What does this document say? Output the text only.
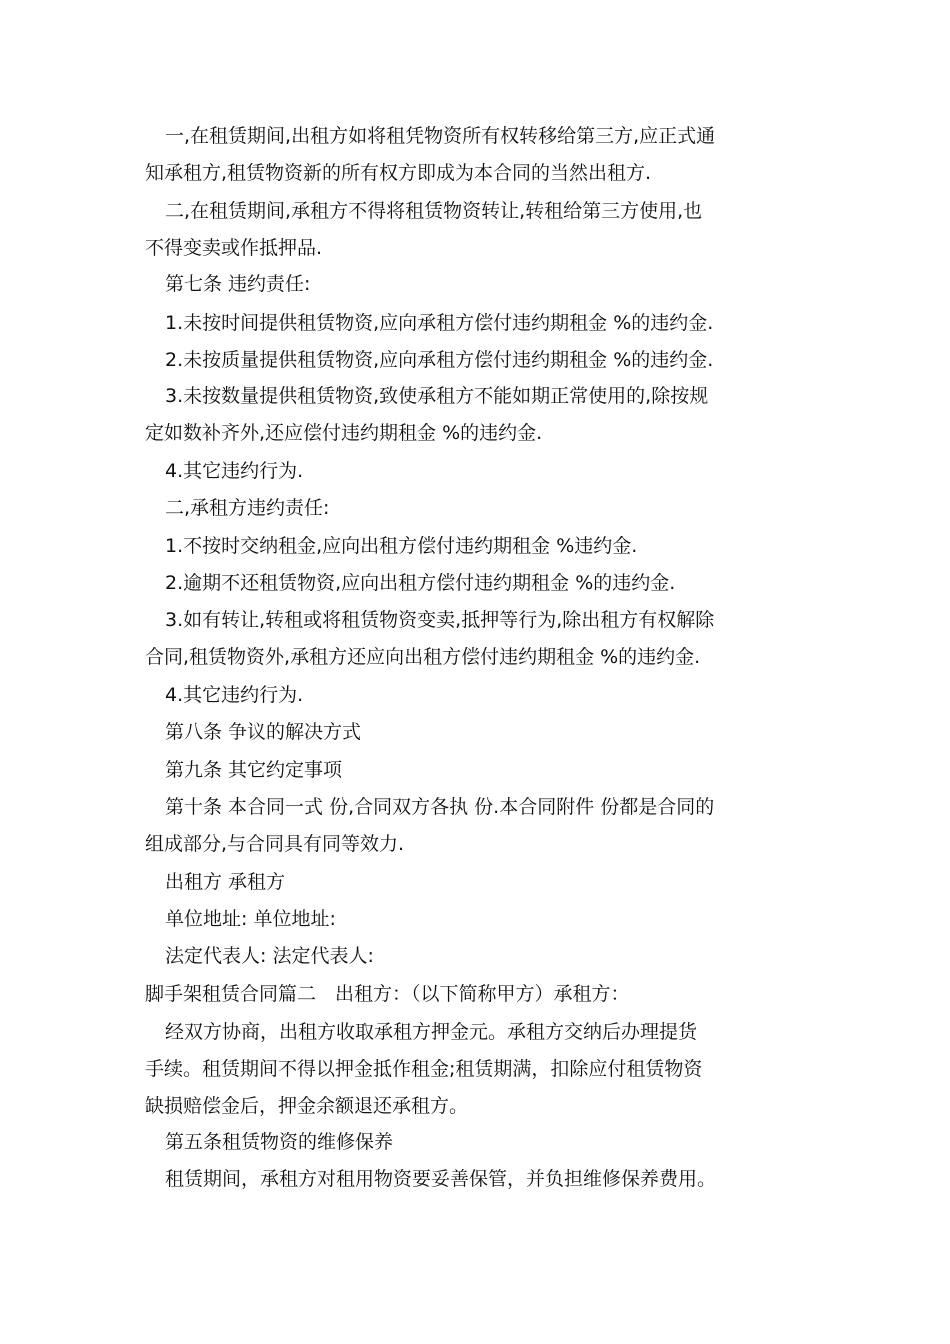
一,在租赁期间,出租方如将租凭物资所有权转移给第三方,应正式通
知承租方,租赁物资新的所有权方即成为本合同的当然出租方.
二,在租赁期间,承租方不得将租赁物资转让,转租给第三方使用,也
不得变卖或作抵押品.
第七条 违约责任:
1.未按时间提供租赁物资,应向承租方偿付违约期租金 %的违约金.
2.未按质量提供租赁物资,应向承租方偿付违约期租金 %的违约金.
3.未按数量提供租赁物资,致使承租方不能如期正常使用的,除按规
定如数补齐外,还应偿付违约期租金 %的违约金.
4.其它违约行为.
二,承租方违约责任:
1.不按时交纳租金,应向出租方偿付违约期租金 %违约金.
2.逾期不还租赁物资,应向出租方偿付违约期租金 %的违约金.
3.如有转让,转租或将租赁物资变卖,抵押等行为,除出租方有权解除
合同,租赁物资外,承租方还应向出租方偿付违约期租金 %的违约金.
4.其它违约行为.
第八条 争议的解决方式
第九条 其它约定事项
第十条 本合同一式 份,合同双方各执 份.本合同附件 份都是合同的
组成部分,与合同具有同等效力.
出租方 承租方
单位地址: 单位地址:
法定代表人: 法定代表人:
脚手架租赁合同篇二　出租方：（以下简称甲方）承租方：
经双方协商，出租方收取承租方押金元。承租方交纳后办理提货
手续。租赁期间不得以押金抵作租金;租赁期满，扣除应付租赁物资
缺损赔偿金后，押金余额退还承租方。
第五条租赁物资的维修保养
租赁期间，承租方对租用物资要妥善保管，并负担维修保养费用。
